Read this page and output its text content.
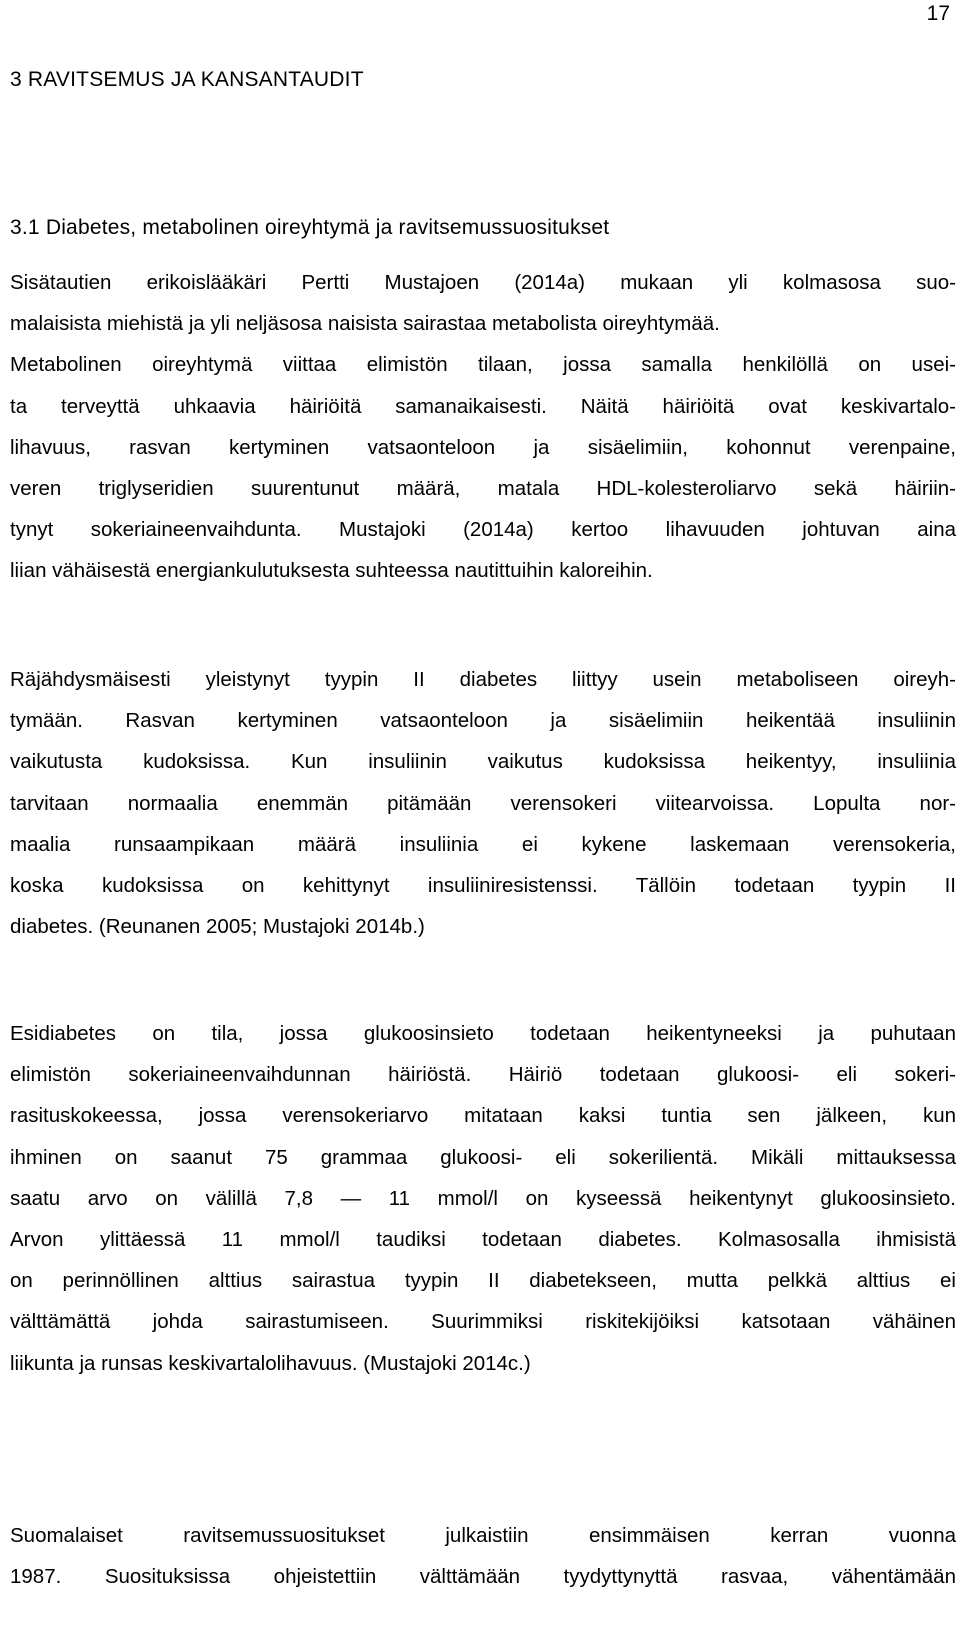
17
3 RAVITSEMUS JA KANSANTAUDIT
3.1 Diabetes, metabolinen oireyhtymä ja ravitsemussuositukset

Sisätautien erikoislääkäri Pertti Mustajoen (2014a) mukaan yli kolmasosa suo-
malaisista miehistä ja yli neljäsosa naisista sairastaa metabolista oireyhtymää.
Metabolinen oireyhtymä viittaa elimistön tilaan, jossa samalla henkilöllä on usei-
ta terveyttä uhkaavia häiriöitä samanaikaisesti. Näitä häiriöitä ovat keskivartalo-
lihavuus, rasvan kertyminen vatsaonteloon ja sisäelimiin, kohonnut verenpaine,
veren triglyseridien suurentunut määrä, matala HDL-kolesteroliarvo sekä häiriin-
tynyt sokeriaineenvaihdunta. Mustajoki (2014a) kertoo lihavuuden johtuvan aina
liian vähäisestä energiankulutuksesta suhteessa nautittuihin kaloreihin.

Räjähdysmäisesti yleistynyt tyypin II diabetes liittyy usein metaboliseen oireyh-
tymään. Rasvan kertyminen vatsaonteloon ja sisäelimiin heikentää insuliinin
vaikutusta kudoksissa. Kun insuliinin vaikutus kudoksissa heikentyy, insuliinia
tarvitaan normaalia enemmän pitämään verensokeri viitearvoissa. Lopulta nor-
maalia runsaampikaan määrä insuliinia ei kykene laskemaan verensokeria,
koska kudoksissa on kehittynyt insuliiniresistenssi. Tällöin todetaan tyypin II
diabetes. (Reunanen 2005; Mustajoki 2014b.)

Esidiabetes on tila, jossa glukoosinsieto todetaan heikentyneeksi ja puhutaan
elimistön sokeriaineenvaihdunnan häiriöstä. Häiriö todetaan glukoosi- eli sokeri-
rasituskokeessa, jossa verensokeriarvo mitataan kaksi tuntia sen jälkeen, kun
ihminen on saanut 75 grammaa glukoosi- eli sokerilientä. Mikäli mittauksessa
saatu arvo on välillä 7,8 — 11 mmol/l on kyseessä heikentynyt glukoosinsieto.
Arvon ylittäessä 11 mmol/l taudiksi todetaan diabetes. Kolmasosalla ihmisistä
on perinnöllinen alttius sairastua tyypin II diabetekseen, mutta pelkkä alttius ei
välttämättä johda sairastumiseen. Suurimmiksi riskitekijöiksi katsotaan vähäinen
liikunta ja runsas keskivartalolihavuus. (Mustajoki 2014c.)

Suomalaiset ravitsemussuositukset julkaistiin ensimmäisen kerran vuonna
1987. Suosituksissa ohjeistettiin välttämään tyydyttynyttä rasvaa, vähentämään
